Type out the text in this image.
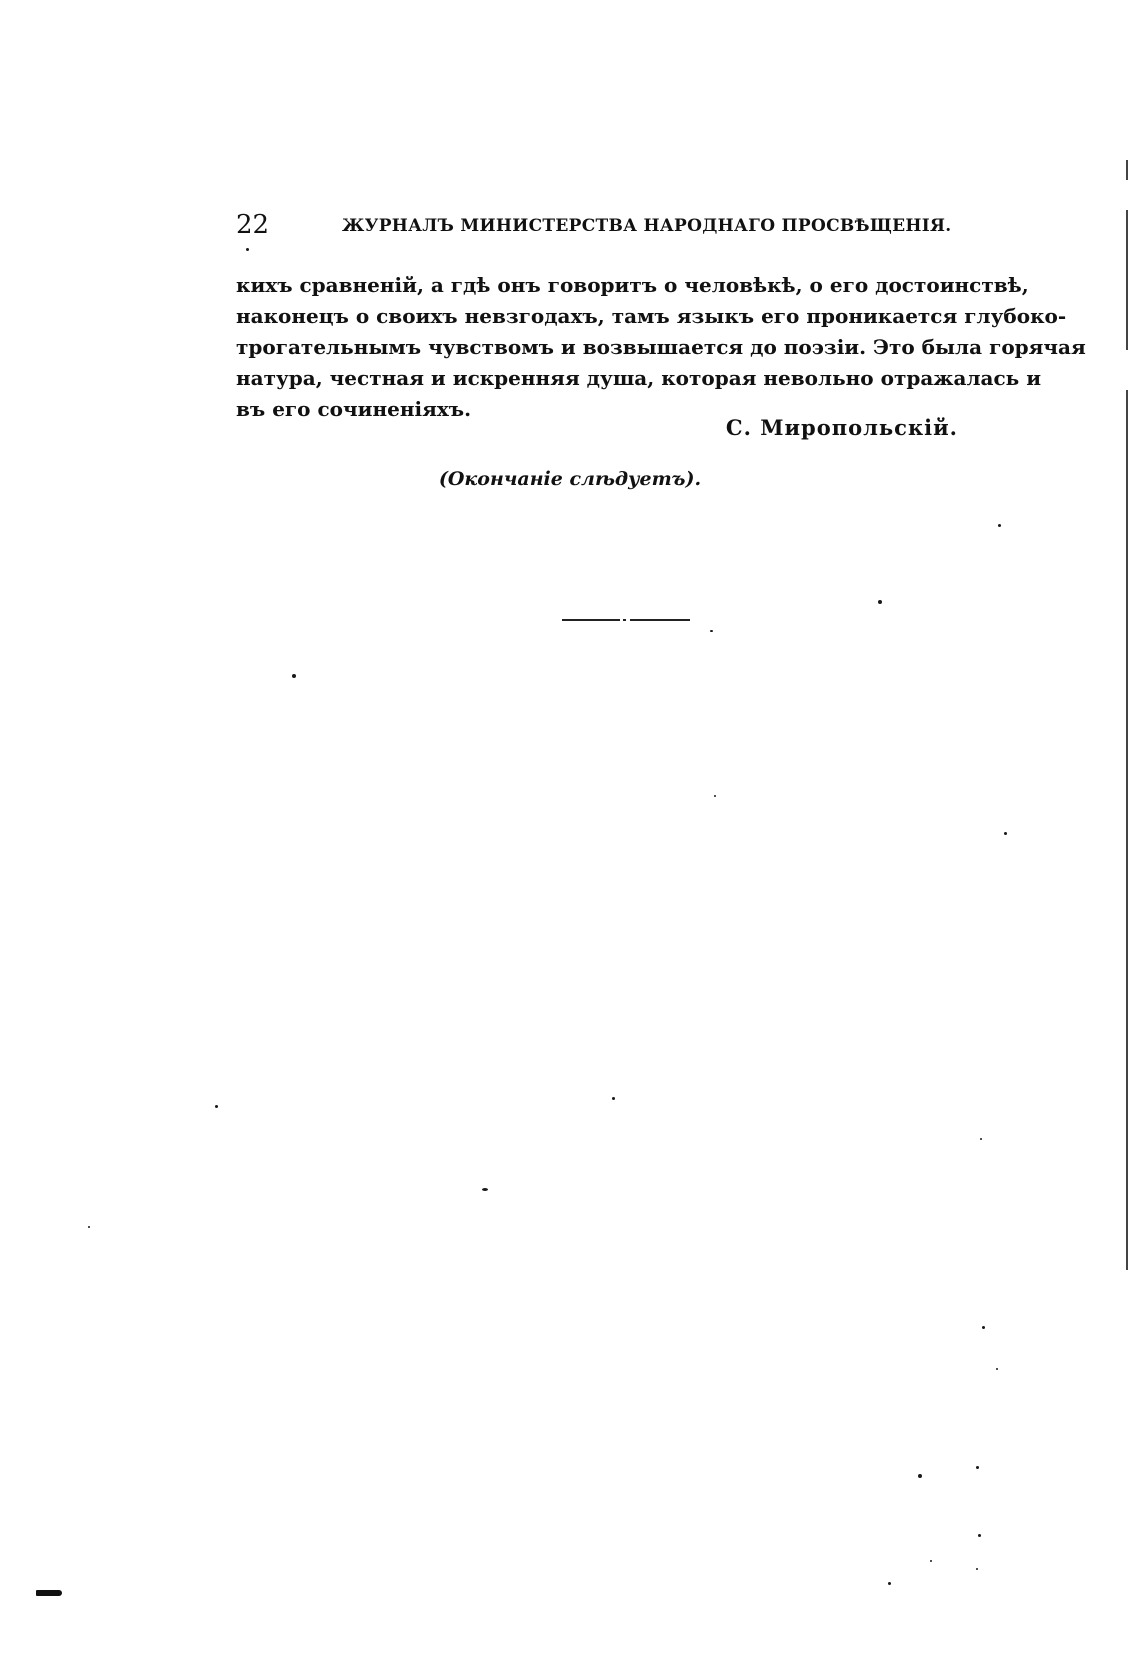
22	ЖУРНАЛЪ МИНИСТЕРСТВА НАРОДНАГО ПРОСВѢЩЕНІЯ.
кихъ сравненій, а гдѣ онъ говоритъ о человѣкѣ, о его достоинствѣ,
наконецъ о своихъ невзгодахъ, тамъ языкъ его проникается глубоко-
трогательнымъ чувствомъ и возвышается до поэзіи. Это была горячая
натура, честная и искренняя душа, которая невольно отражалась и
въ его сочиненіяхъ.
С. Миропольскій.
(Окончаніе слѣдуетъ).
